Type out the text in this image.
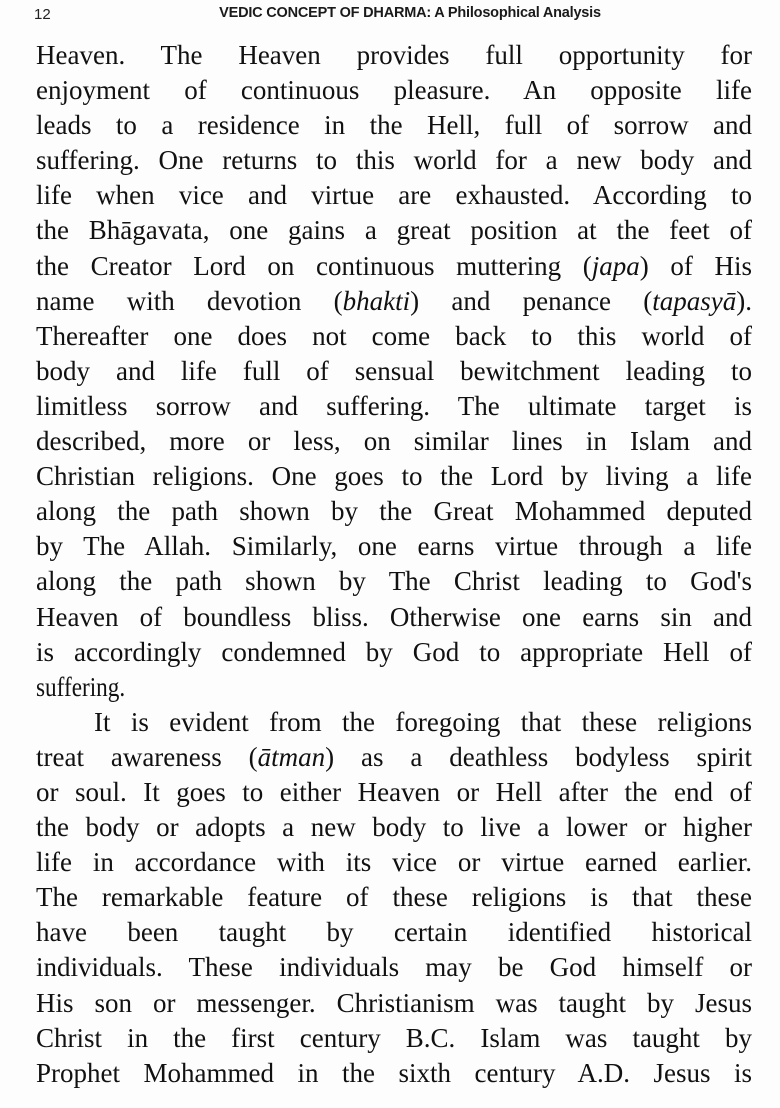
12	VEDIC CONCEPT OF DHARMA: A Philosophical Analysis
Heaven. The Heaven provides full opportunity for
enjoyment of continuous pleasure. An opposite life
leads to a residence in the Hell, full of sorrow and
suffering. One returns to this world for a new body and
life when vice and virtue are exhausted. According to
the Bhāgavata, one gains a great position at the feet of
the Creator Lord on continuous muttering (japa) of His
name with devotion (bhakti) and penance (tapasyā).
Thereafter one does not come back to this world of
body and life full of sensual bewitchment leading to
limitless sorrow and suffering. The ultimate target is
described, more or less, on similar lines in Islam and
Christian religions. One goes to the Lord by living a life
along the path shown by the Great Mohammed deputed
by The Allah. Similarly, one earns virtue through a life
along the path shown by The Christ leading to God's
Heaven of boundless bliss. Otherwise one earns sin and
is accordingly condemned by God to appropriate Hell of
suffering.
It is evident from the foregoing that these religions
treat awareness (ātman) as a deathless bodyless spirit
or soul. It goes to either Heaven or Hell after the end of
the body or adopts a new body to live a lower or higher
life in accordance with its vice or virtue earned earlier.
The remarkable feature of these religions is that these
have been taught by certain identified historical
individuals. These individuals may be God himself or
His son or messenger. Christianism was taught by Jesus
Christ in the first century B.C. Islam was taught by
Prophet Mohammed in the sixth century A.D. Jesus is
